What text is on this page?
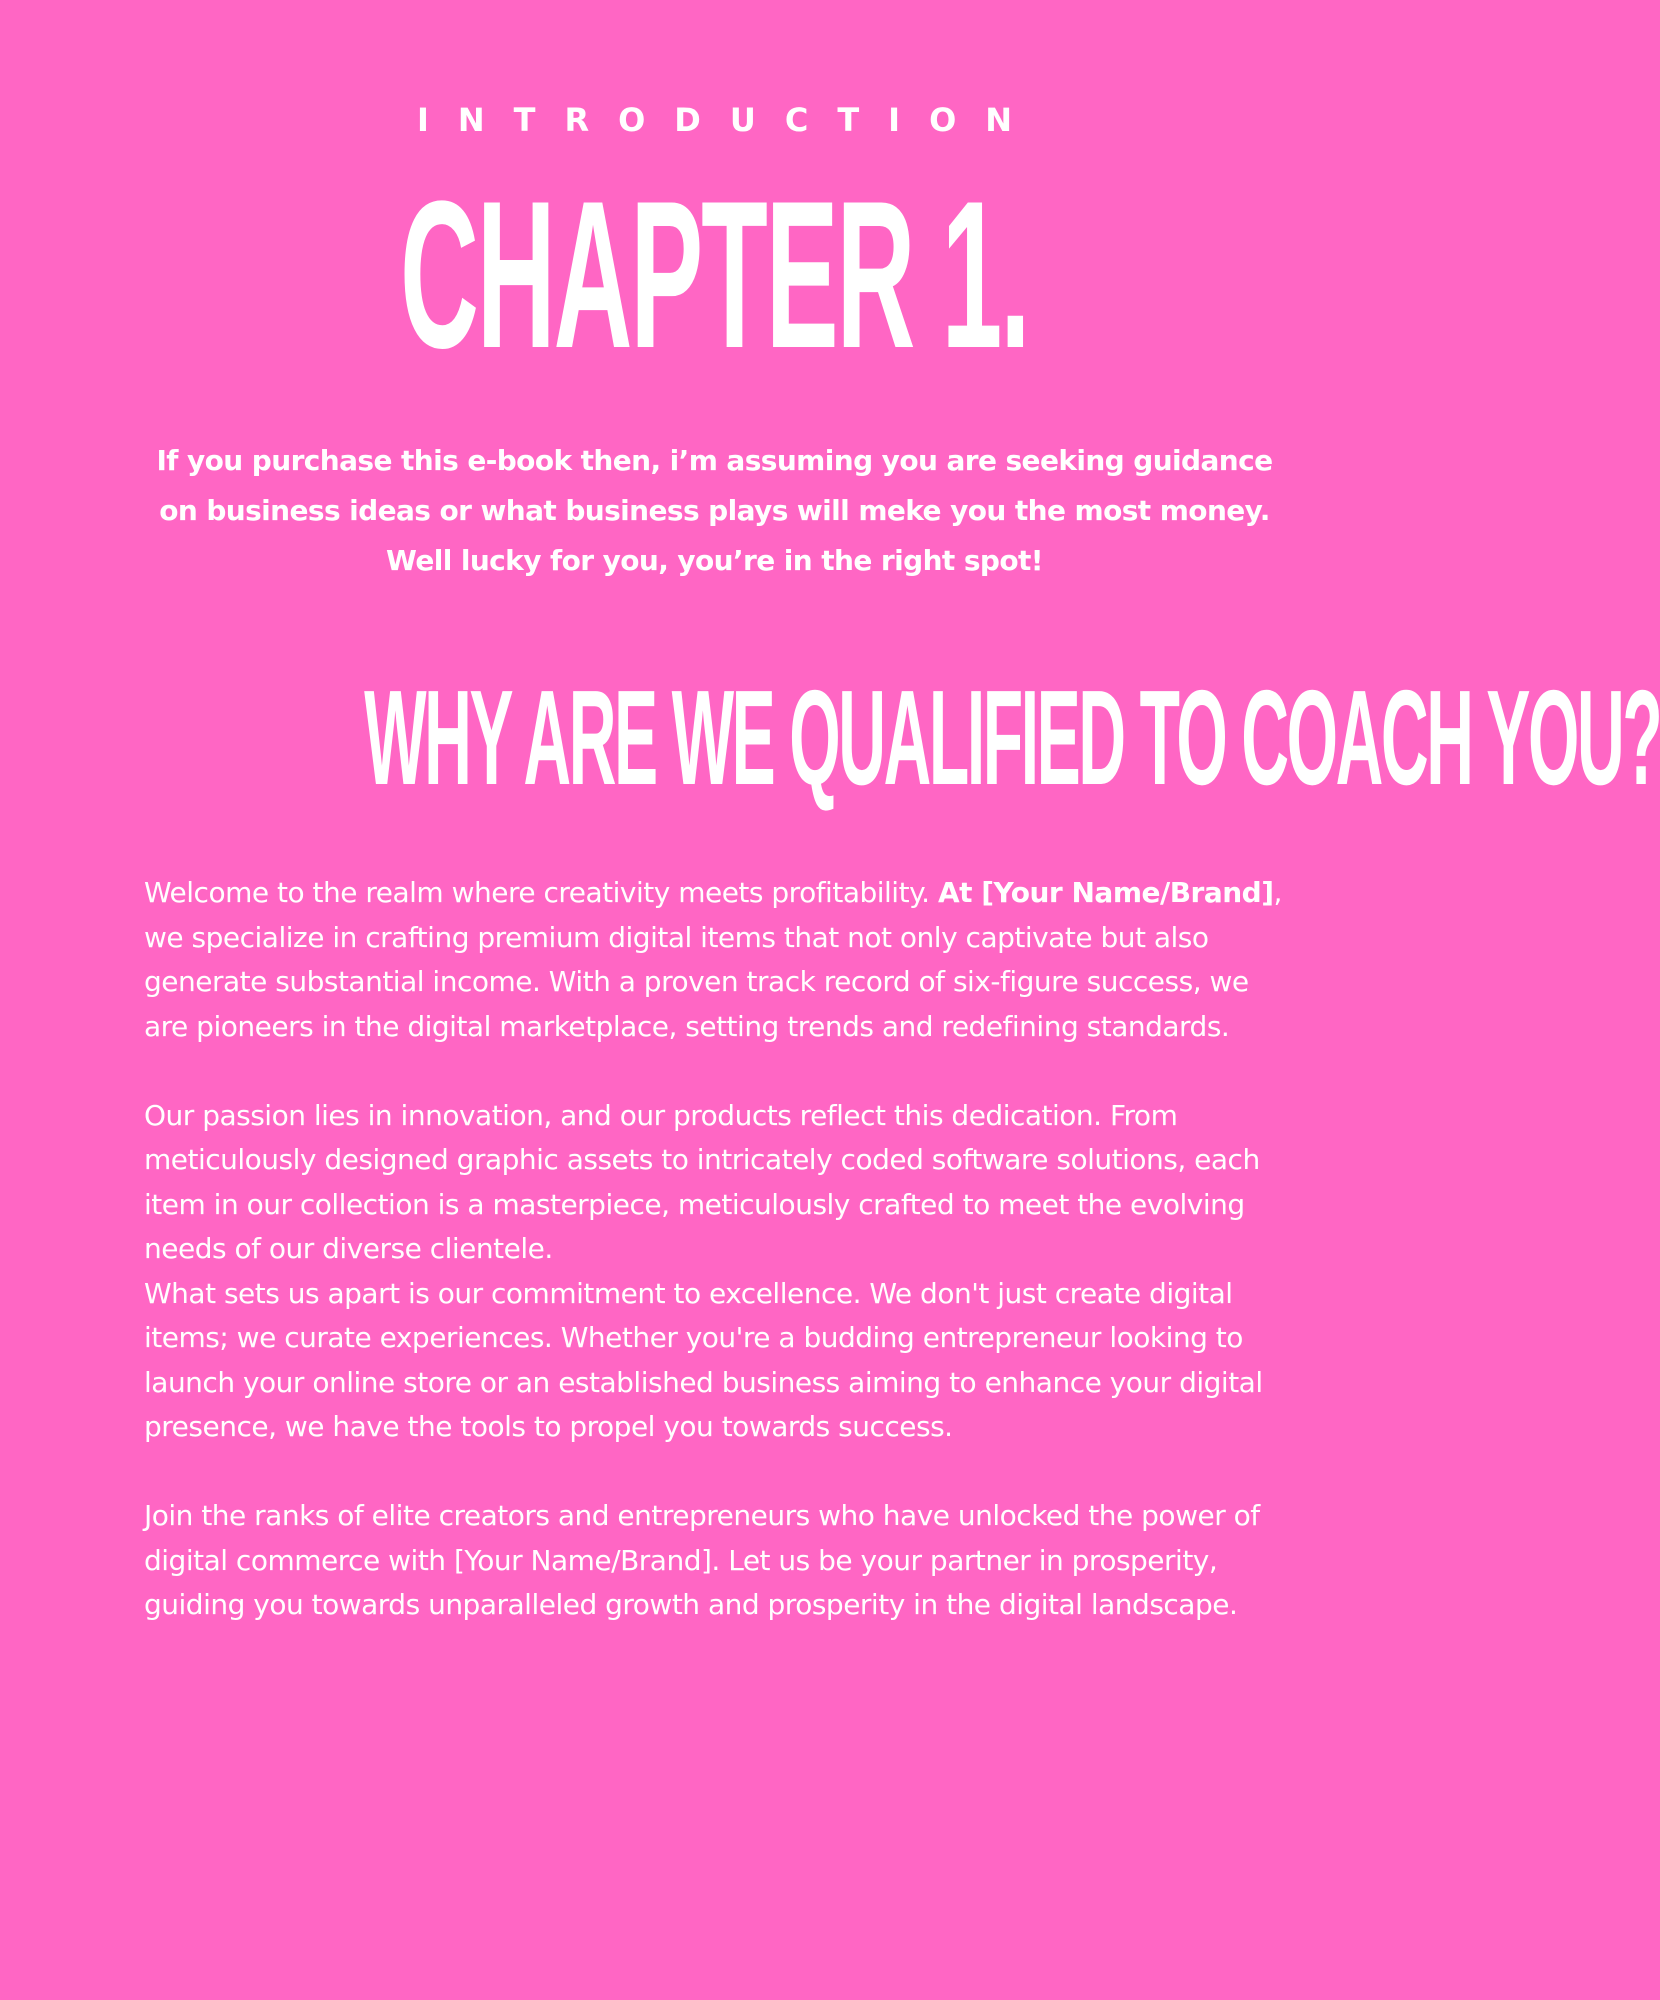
INTRODUCTION
CHAPTER 1.
If you purchase this e-book then, i’m assuming you are seeking guidance
on business ideas or what business plays will meke you the most money.
Well lucky for you, you’re in the right spot!
WHY ARE WE QUALIFIED TO COACH YOU?

Welcome to the realm where creativity meets profitability. At [Your Name/Brand], we specialize in crafting premium digital items that not only captivate but also generate substantial income. With a proven track record of six-figure success, we are pioneers in the digital marketplace, setting trends and redefining standards.

Our passion lies in innovation, and our products reflect this dedication. From meticulously designed graphic assets to intricately coded software solutions, each item in our collection is a masterpiece, meticulously crafted to meet the evolving needs of our diverse clientele.

What sets us apart is our commitment to excellence. We don't just create digital items; we curate experiences. Whether you're a budding entrepreneur looking to launch your online store or an established business aiming to enhance your digital presence, we have the tools to propel you towards success.

Join the ranks of elite creators and entrepreneurs who have unlocked the power of digital commerce with [Your Name/Brand]. Let us be your partner in prosperity, guiding you towards unparalleled growth and prosperity in the digital landscape.
